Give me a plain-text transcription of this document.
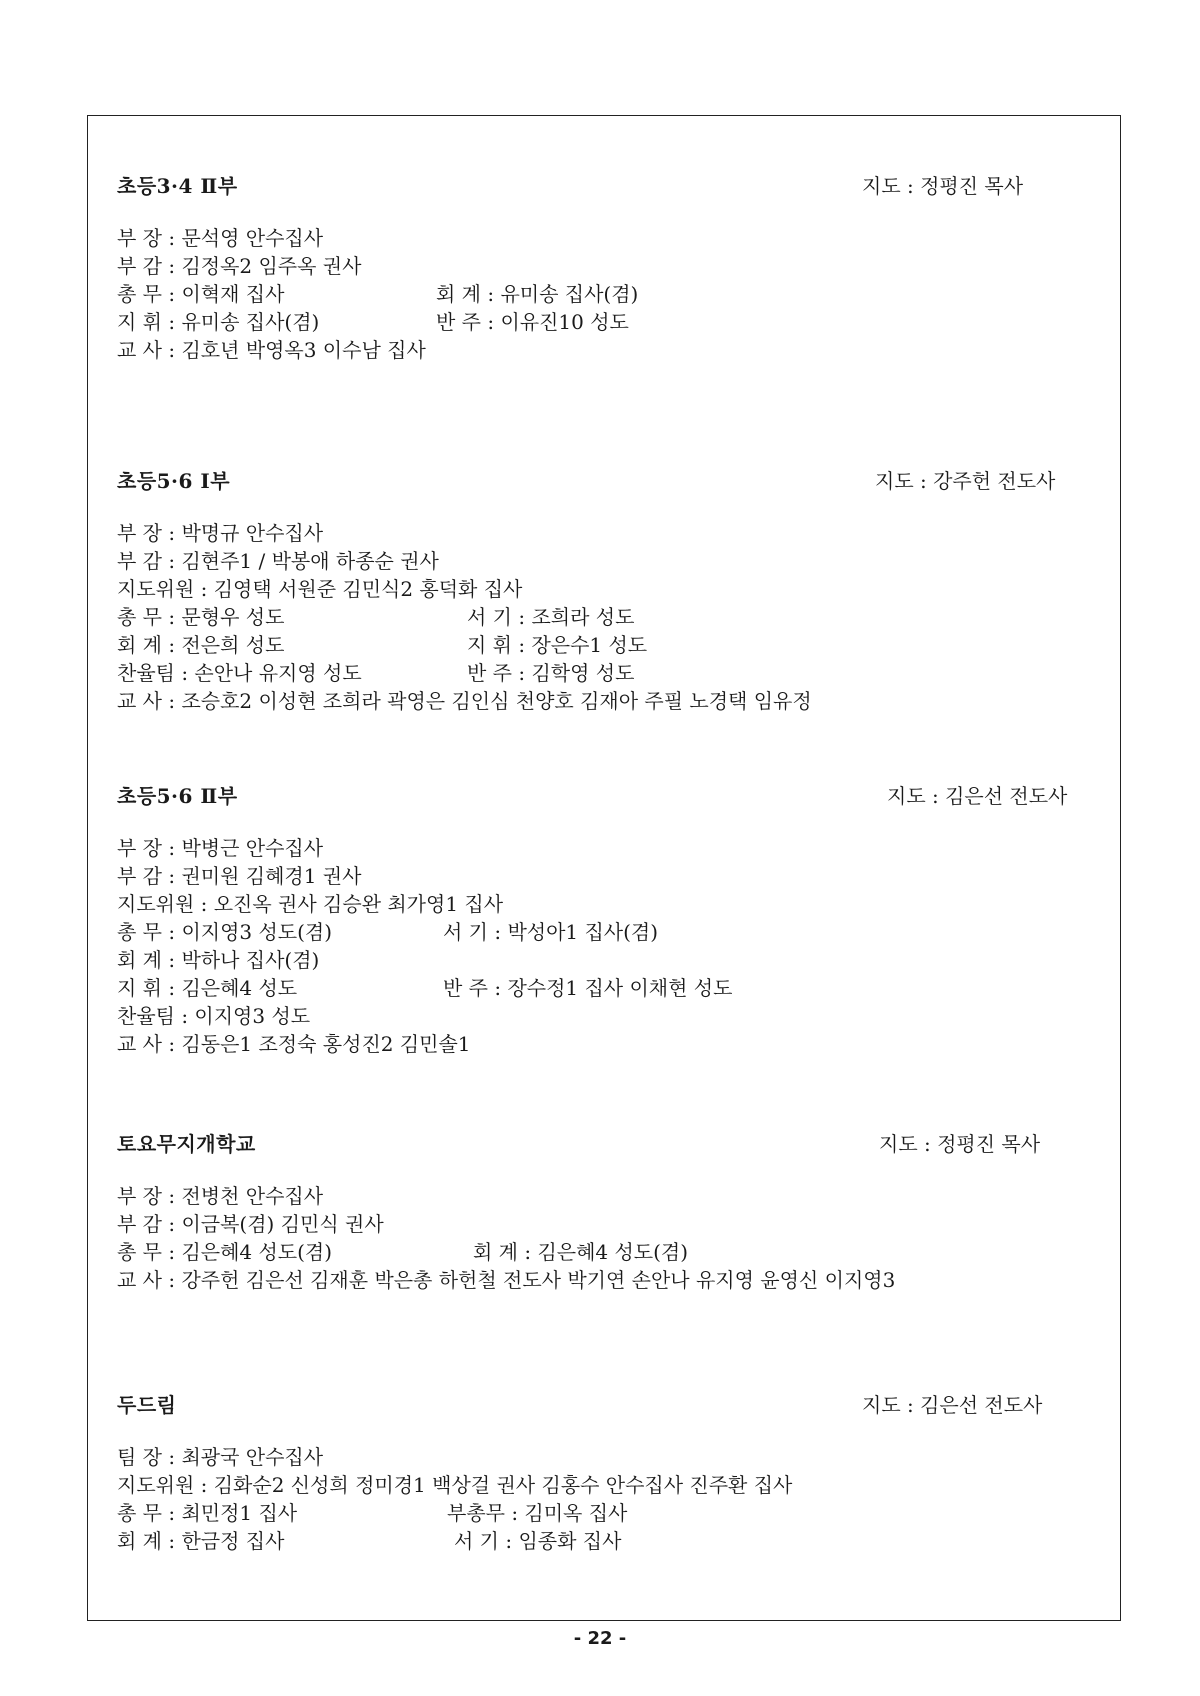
초등3·4 Ⅱ부	지도 : 정평진 목사
부 장 : 문석영 안수집사
부 감 : 김정옥2 임주옥 권사
총 무 : 이혁재 집사	회 계 : 유미송 집사(겸)
지 휘 : 유미송 집사(겸)	반 주 : 이유진10 성도
교 사 : 김호년 박영옥3 이수남 집사
초등5·6 Ⅰ부	지도 : 강주헌 전도사
부 장 : 박명규 안수집사
부 감 : 김현주1 / 박봉애 하종순 권사
지도위원 : 김영택 서원준 김민식2 홍덕화 집사
총 무 : 문형우 성도	서 기 : 조희라 성도
회 계 : 전은희 성도	지 휘 : 장은수1 성도
찬율팀 : 손안나 유지영 성도	반 주 : 김학영 성도
교 사 : 조승호2 이성현 조희라 곽영은 김인심 천양호 김재아 주필 노경택 임유정
초등5·6 Ⅱ부	지도 : 김은선 전도사
부 장 : 박병근 안수집사
부 감 : 권미원 김혜경1 권사
지도위원 : 오진옥 권사 김승완 최가영1 집사
총 무 : 이지영3 성도(겸)	서 기 : 박성아1 집사(겸)
회 계 : 박하나 집사(겸)
지 휘 : 김은혜4 성도	반 주 : 장수정1 집사 이채현 성도
찬율팀 : 이지영3 성도
교 사 : 김동은1 조정숙 홍성진2 김민솔1
토요무지개학교	지도 : 정평진 목사
부 장 : 전병천 안수집사
부 감 : 이금복(겸) 김민식 권사
총 무 : 김은혜4 성도(겸)	회 계 : 김은혜4 성도(겸)
교 사 : 강주헌 김은선 김재훈 박은총 하헌철 전도사 박기연 손안나 유지영 윤영신 이지영3
두드림	지도 : 김은선 전도사
팀 장 : 최광국 안수집사
지도위원 : 김화순2 신성희 정미경1 백상걸 권사 김홍수 안수집사 진주환 집사
총 무 : 최민정1 집사	부총무 : 김미옥 집사
회 계 : 한금정 집사	서 기 : 임종화 집사
- 22 -
